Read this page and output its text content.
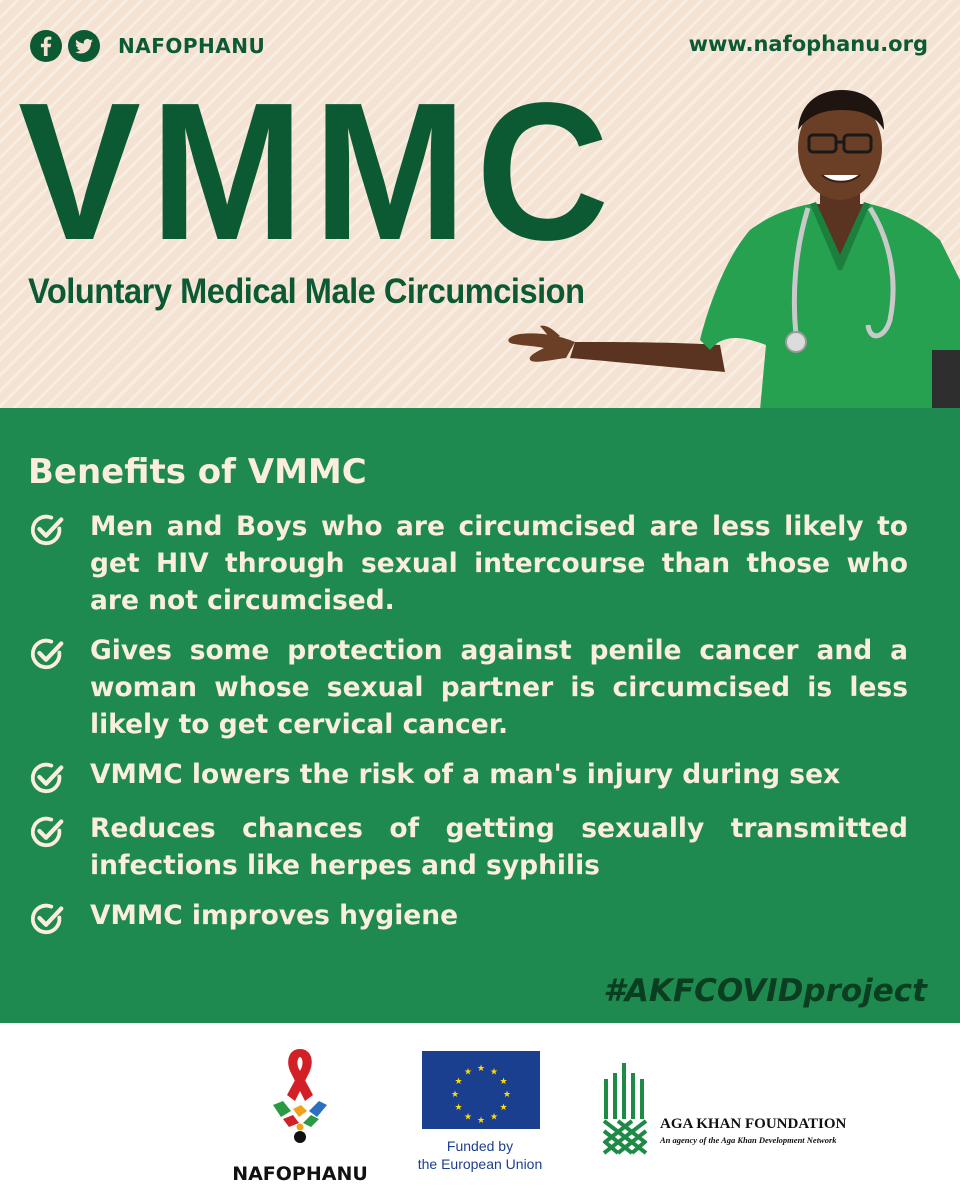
NAFOPHANU	www.nafophanu.org
VMMC
Voluntary Medical Male Circumcision
Benefits of VMMC
Men and Boys who are circumcised are less likely to get HIV through sexual intercourse than those who are not circumcised.
Gives some protection against penile cancer and a woman whose sexual partner is circumcised is less likely to get cervical cancer.
VMMC lowers the risk of a man's injury during sex
Reduces chances of getting sexually transmitted infections like herpes and syphilis
VMMC improves hygiene
#AKFCOVIDproject
NAFOPHANU
★ ★
★
★
★
★
★
★
★
★
★
★
Funded by
the European Union
AGA KHAN FOUNDATION
An agency of the Aga Khan Development Network
